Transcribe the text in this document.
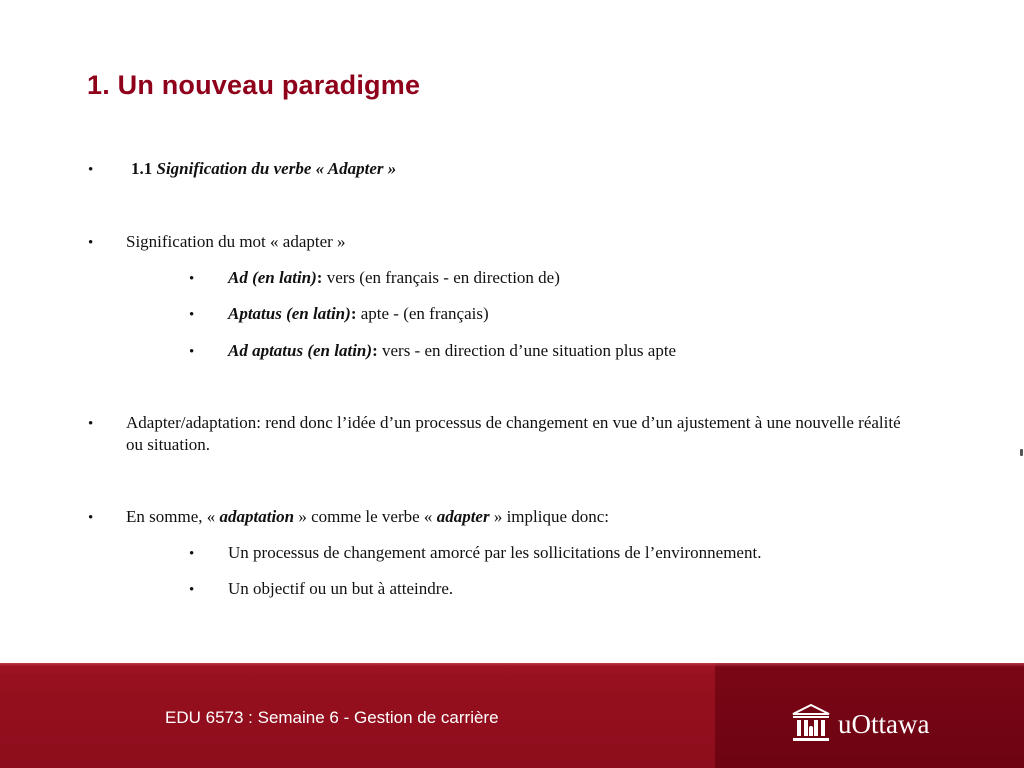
1. Un nouveau paradigme
• 1.1 Signification du verbe « Adapter »
• Signification du mot « adapter »
• Ad (en latin): vers (en français - en direction de)
• Aptatus (en latin): apte - (en français)
• Ad aptatus (en latin): vers - en direction d’une situation plus apte
• Adapter/adaptation: rend donc l’idée d’un processus de changement en vue d’un ajustement à une nouvelle réalité ou situation.
• En somme, « adaptation » comme le verbe « adapter » implique donc:
• Un processus de changement amorcé par les sollicitations de l’environnement.
• Un objectif ou un but à atteindre.
EDU 6573 : Semaine 6 - Gestion de carrière	uOttawa
